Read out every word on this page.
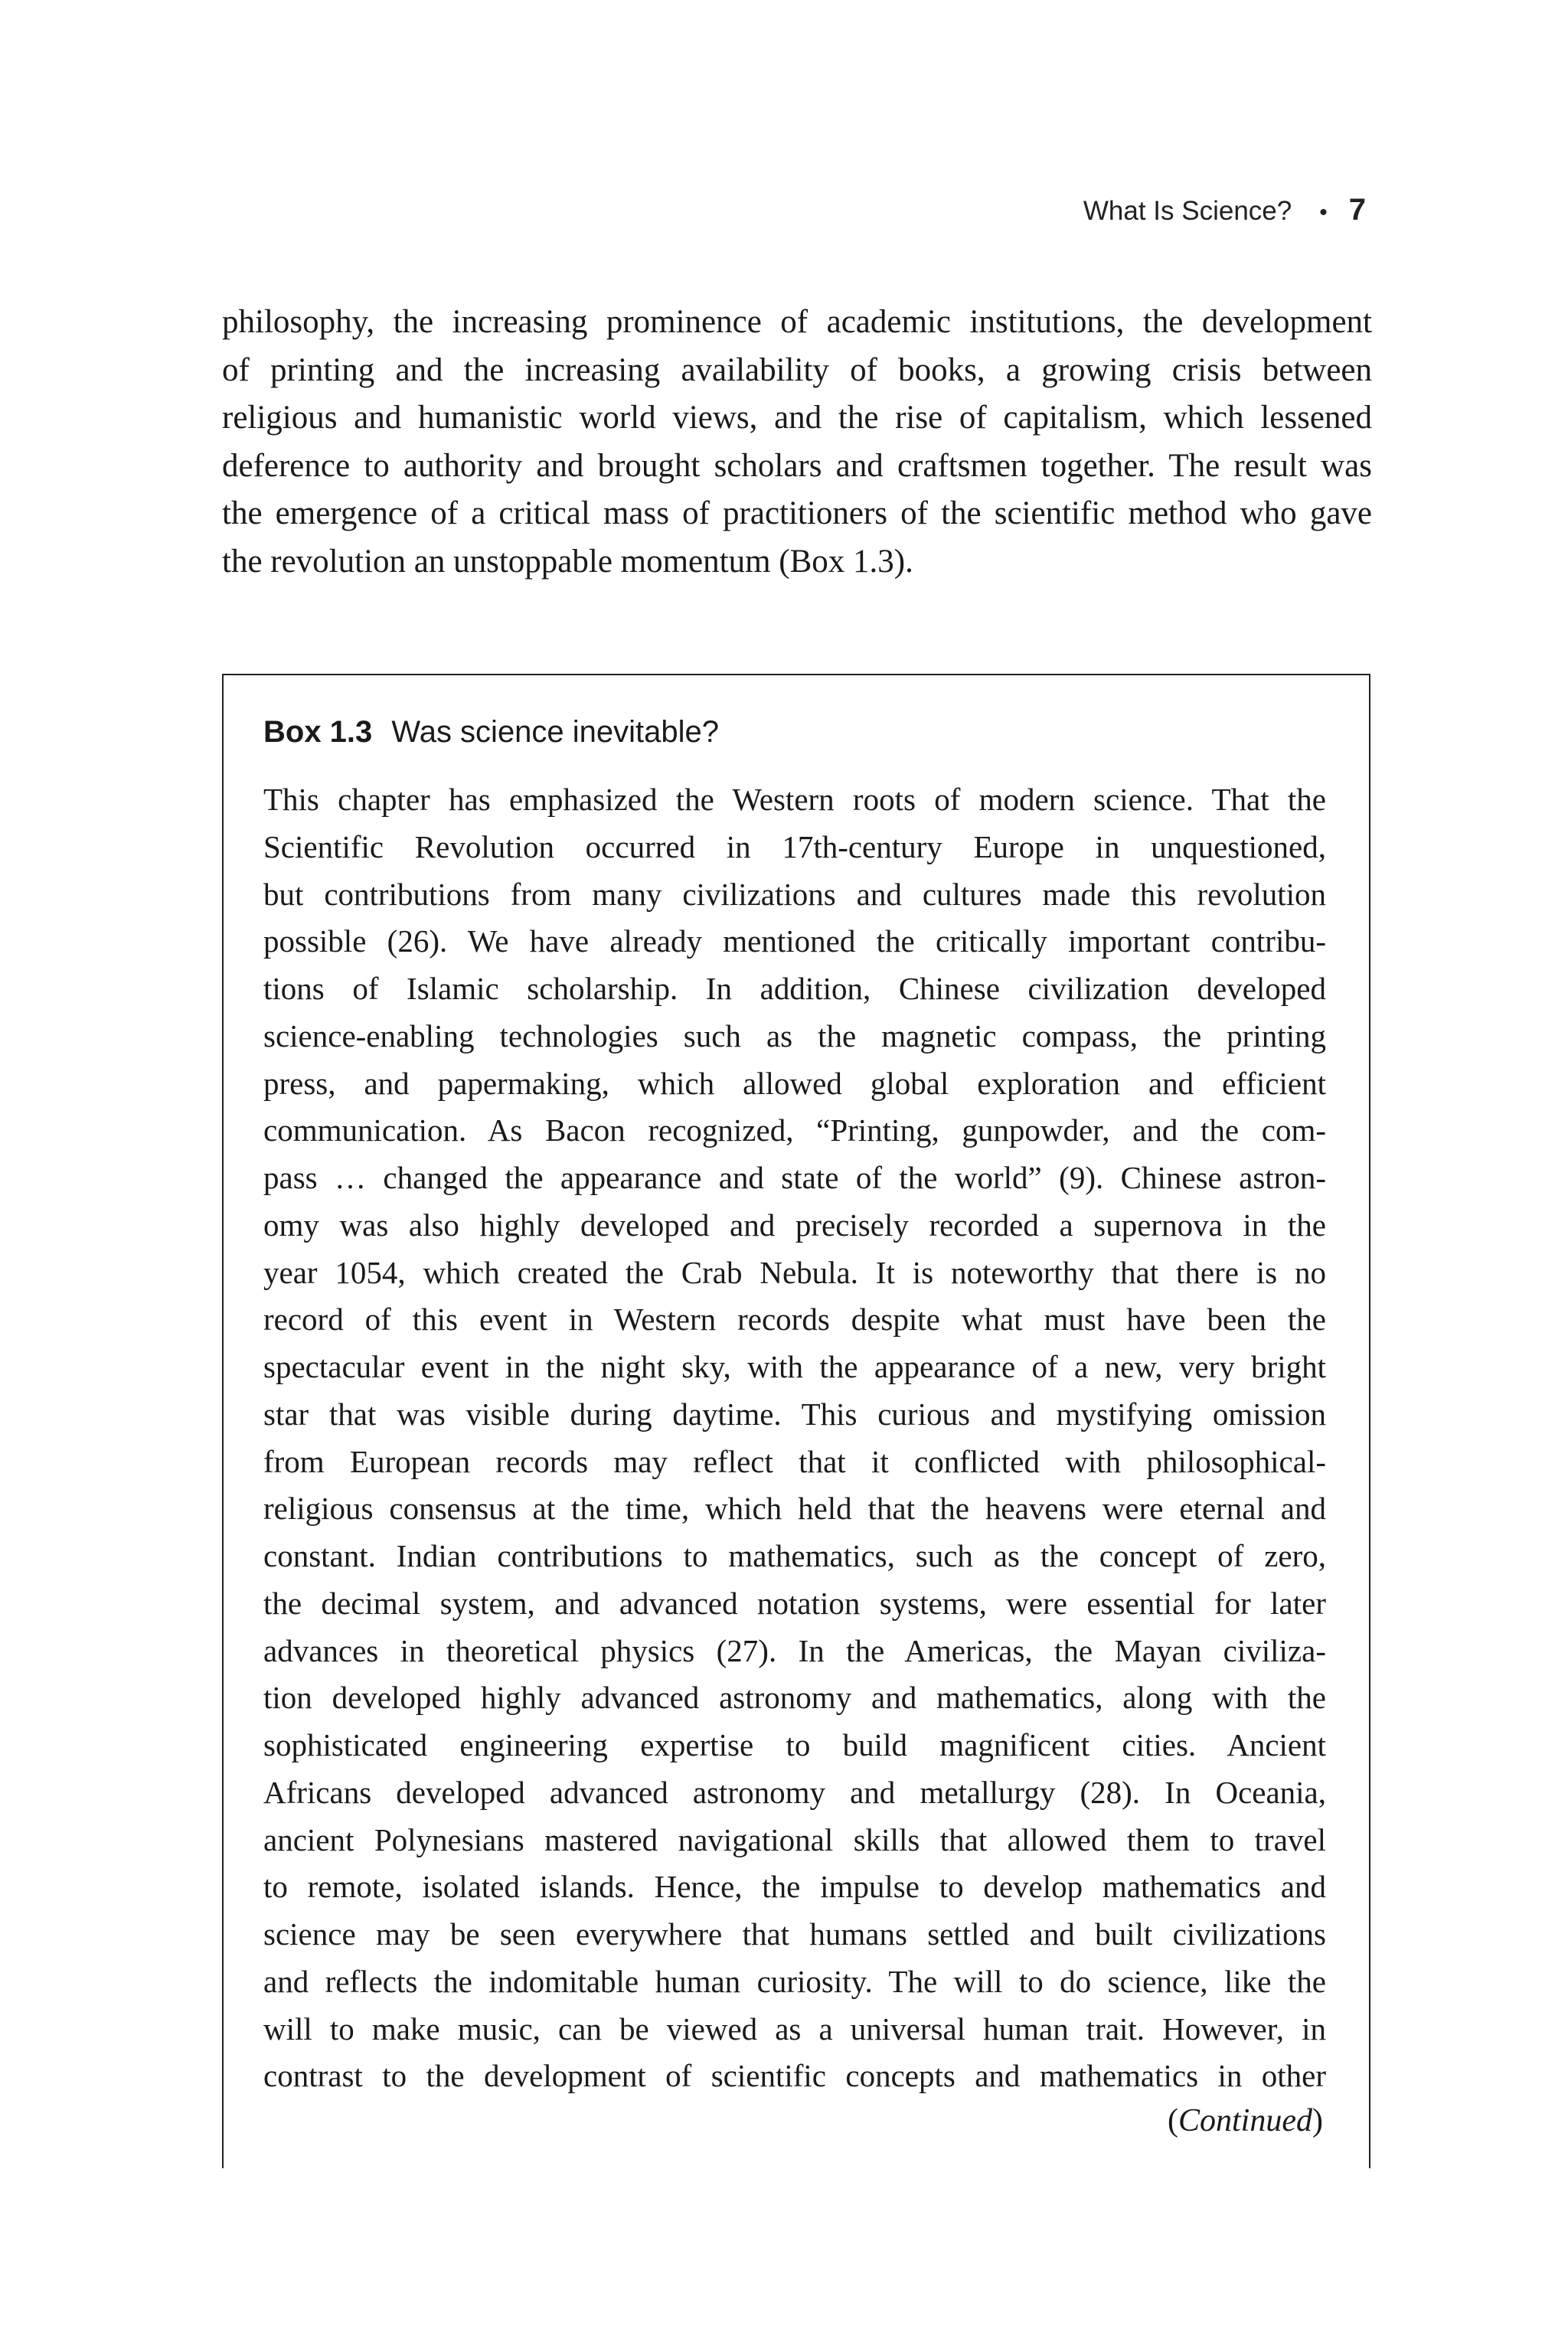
What Is Science? • 7

philosophy, the increasing prominence of academic institutions, the development
of printing and the increasing availability of books, a growing crisis between
religious and humanistic world views, and the rise of capitalism, which lessened
deference to authority and brought scholars and craftsmen together. The result was
the emergence of a critical mass of practitioners of the scientific method who gave
the revolution an unstoppable momentum (Box 1.3).

Box 1.3 Was science inevitable?

This chapter has emphasized the Western roots of modern science. That the
Scientific Revolution occurred in 17th-century Europe in unquestioned,
but contributions from many civilizations and cultures made this revolution
possible (26). We have already mentioned the critically important contribu-
tions of Islamic scholarship. In addition, Chinese civilization developed
science-enabling technologies such as the magnetic compass, the printing
press, and papermaking, which allowed global exploration and efficient
communication. As Bacon recognized, “Printing, gunpowder, and the com-
pass … changed the appearance and state of the world” (9). Chinese astron-
omy was also highly developed and precisely recorded a supernova in the
year 1054, which created the Crab Nebula. It is noteworthy that there is no
record of this event in Western records despite what must have been the
spectacular event in the night sky, with the appearance of a new, very bright
star that was visible during daytime. This curious and mystifying omission
from European records may reflect that it conflicted with philosophical-
religious consensus at the time, which held that the heavens were eternal and
constant. Indian contributions to mathematics, such as the concept of zero,
the decimal system, and advanced notation systems, were essential for later
advances in theoretical physics (27). In the Americas, the Mayan civiliza-
tion developed highly advanced astronomy and mathematics, along with the
sophisticated engineering expertise to build magnificent cities. Ancient
Africans developed advanced astronomy and metallurgy (28). In Oceania,
ancient Polynesians mastered navigational skills that allowed them to travel
to remote, isolated islands. Hence, the impulse to develop mathematics and
science may be seen everywhere that humans settled and built civilizations
and reflects the indomitable human curiosity. The will to do science, like the
will to make music, can be viewed as a universal human trait. However, in
contrast to the development of scientific concepts and mathematics in other

(Continued)
